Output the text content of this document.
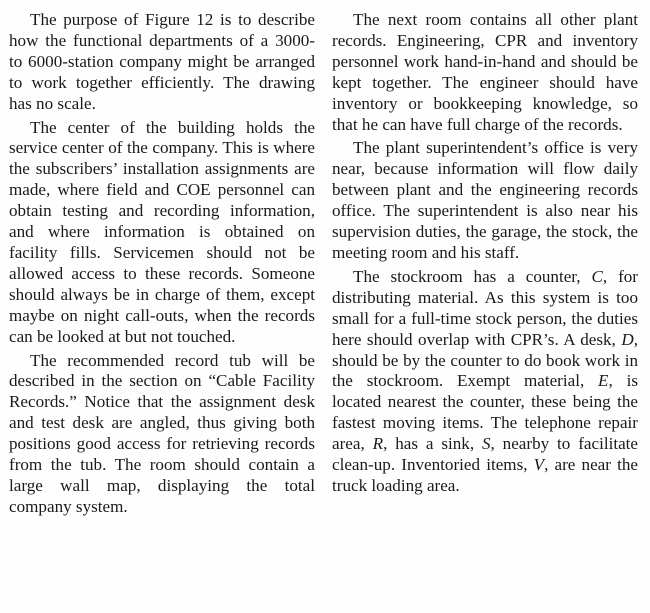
The purpose of Figure 12 is to describe how the functional departments of a 3000- to 6000-station company might be arranged to work together efficiently. The drawing has no scale.

The center of the building holds the service center of the company. This is where the subscribers’ installation assignments are made, where field and COE personnel can obtain testing and recording information, and where information is obtained on facility fills. Servicemen should not be allowed access to these records. Someone should always be in charge of them, except maybe on night call-outs, when the records can be looked at but not touched.

The recommended record tub will be described in the section on “Cable Facility Records.” Notice that the assignment desk and test desk are angled, thus giving both positions good access for retrieving records from the tub. The room should contain a large wall map, displaying the total company system.

The next room contains all other plant records. Engineering, CPR and inventory personnel work hand-in-hand and should be kept together. The engineer should have inventory or bookkeeping knowledge, so that he can have full charge of the records.

The plant superintendent’s office is very near, because information will flow daily between plant and the engineering records office. The superintendent is also near his supervision duties, the garage, the stock, the meeting room and his staff.

The stockroom has a counter, C, for distributing material. As this system is too small for a full-time stock person, the duties here should overlap with CPR’s. A desk, D, should be by the counter to do book work in the stockroom. Exempt material, E, is located nearest the counter, these being the fastest moving items. The telephone repair area, R, has a sink, S, nearby to facilitate clean-up. Inventoried items, V, are near the truck loading area.
